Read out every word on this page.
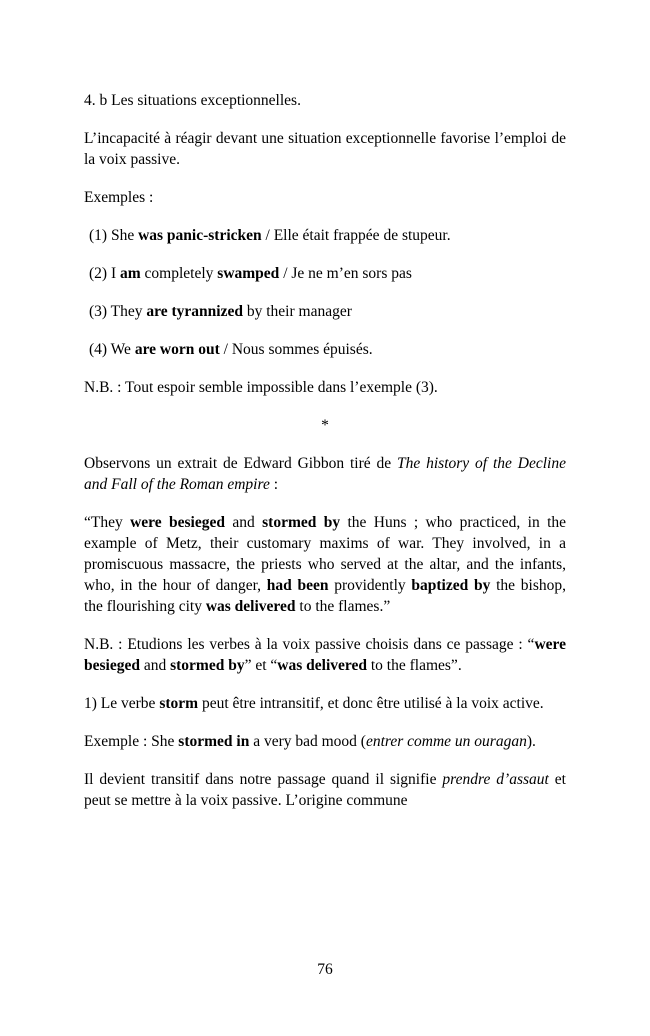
4. b Les situations exceptionnelles.

L’incapacité à réagir devant une situation exceptionnelle favorise l’emploi de la voix passive.

Exemples :

(1) She was panic-stricken / Elle était frappée de stupeur.

(2) I am completely swamped / Je ne m’en sors pas

(3) They are tyrannized by their manager

(4) We are worn out / Nous sommes épuisés.

N.B. : Tout espoir semble impossible dans l’exemple (3).

*

Observons un extrait de Edward Gibbon tiré de The history of the Decline and Fall of the Roman empire :

“They were besieged and stormed by the Huns ; who practiced, in the example of Metz, their customary maxims of war. They involved, in a promiscuous massacre, the priests who served at the altar, and the infants, who, in the hour of danger, had been providently baptized by the bishop, the flourishing city was delivered to the flames.”

N.B. : Etudions les verbes à la voix passive choisis dans ce passage : “were besieged and stormed by” et “was delivered to the flames”.

1) Le verbe storm peut être intransitif, et donc être utilisé à la voix active.

Exemple : She stormed in a very bad mood (entrer comme un ouragan).

Il devient transitif dans notre passage quand il signifie prendre d’assaut et peut se mettre à la voix passive. L’origine commune

76
